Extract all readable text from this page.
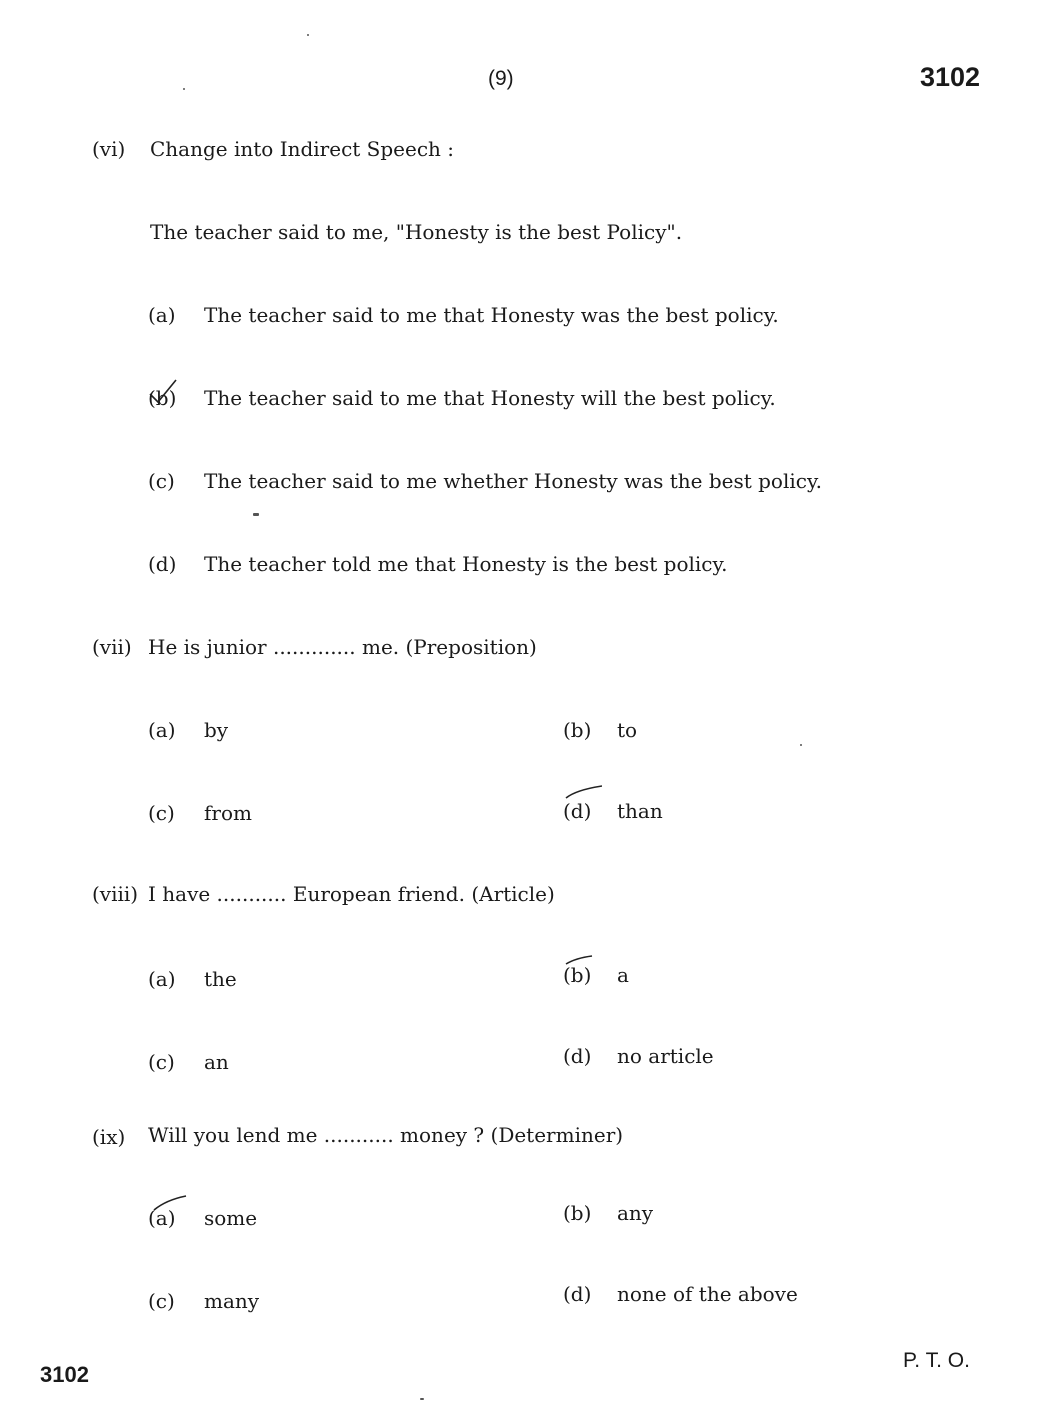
(9)	3102
(vi) Change into Indirect Speech :
The teacher said to me, "Honesty is the best Policy".
(a) The teacher said to me that Honesty was the best policy.
(b) The teacher said to me that Honesty will the best policy.
(c) The teacher said to me whether Honesty was the best policy.
(d) The teacher told me that Honesty is the best policy.
(vii) He is junior ............. me. (Preposition)
(a) by	(b) to
(c) from	(d) than
(viii) I have ........... European friend. (Article)
(a) the	(b) a
(c) an	(d) no article
(ix) Will you lend me ........... money ? (Determiner)
(a) some	(b) any
(c) many	(d) none of the above
3102
P. T. O.
